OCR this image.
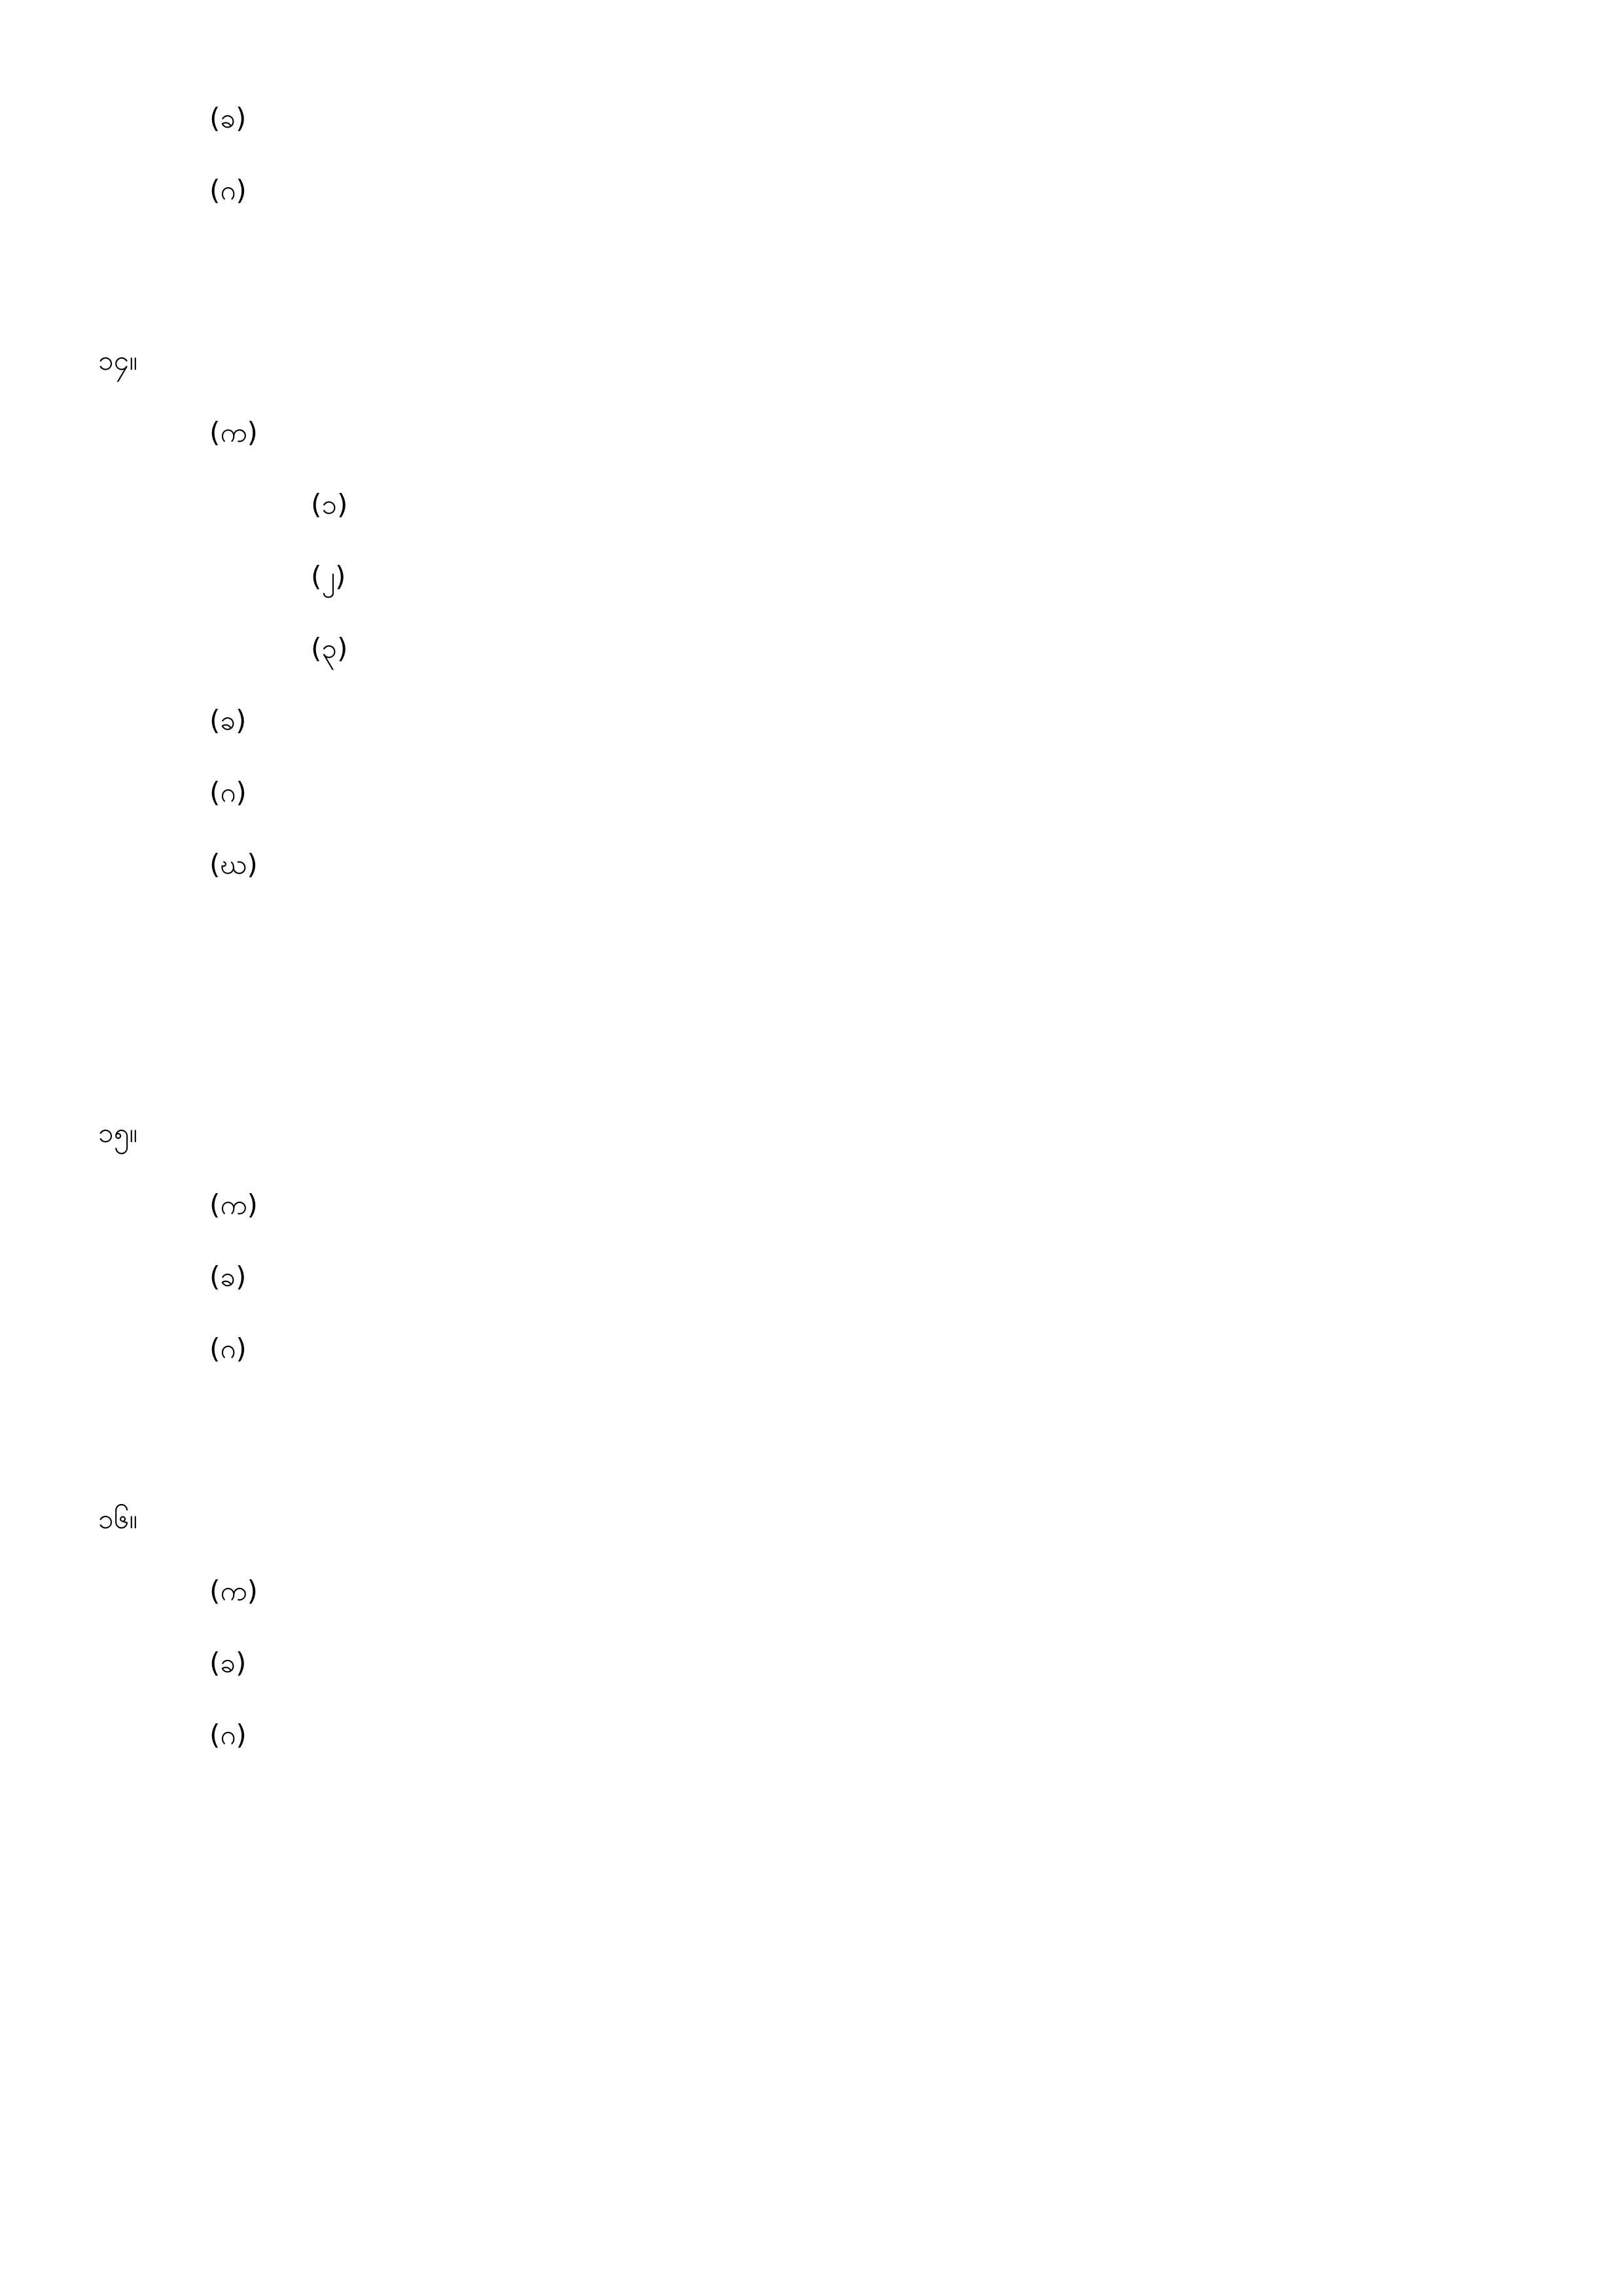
(ခ)
(ဂ)
၁၄။
(က)
(၁)
(၂)
(၃)
(ခ)
(ဂ)
(ဃ)
၁၅။
(က)
(ခ)
(ဂ)
၁၆။
(က)
(ခ)
(ဂ)
